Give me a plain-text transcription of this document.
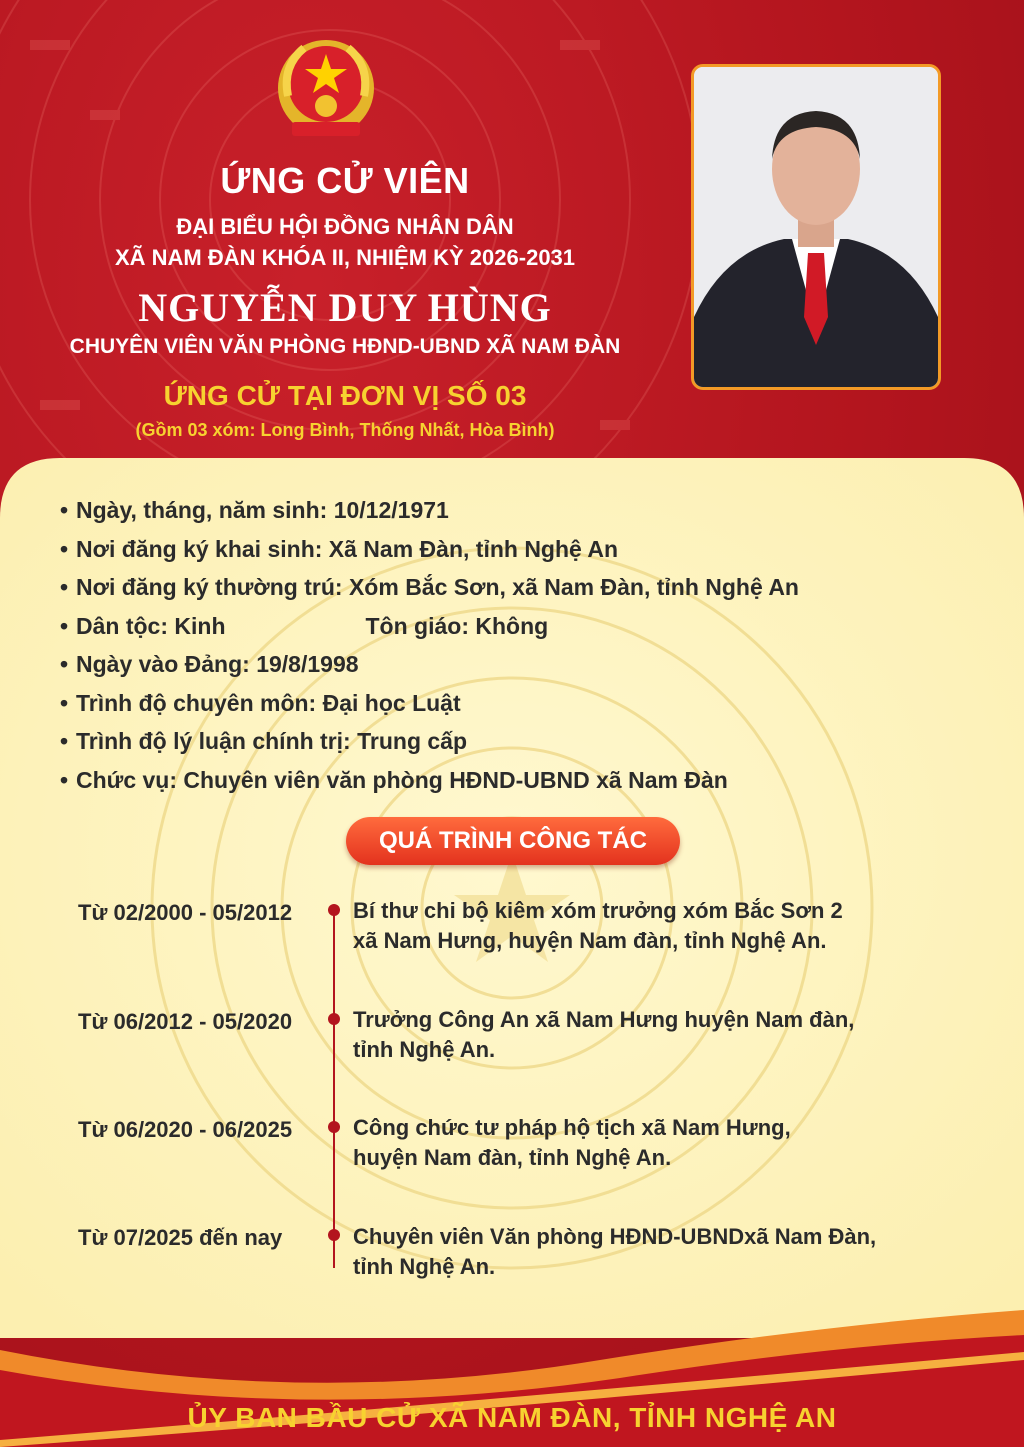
ỨNG CỬ VIÊN
ĐẠI BIỂU HỘI ĐỒNG NHÂN DÂN
XÃ NAM ĐÀN KHÓA II, NHIỆM KỲ 2026-2031
NGUYỄN DUY HÙNG
CHUYÊN VIÊN VĂN PHÒNG HĐND-UBND XÃ NAM ĐÀN
ỨNG CỬ TẠI ĐƠN VỊ SỐ 03
(Gồm 03 xóm: Long Bình, Thống Nhất, Hòa Bình)
• Ngày, tháng, năm sinh: 10/12/1971
• Nơi đăng ký khai sinh: Xã Nam Đàn, tỉnh Nghệ An
• Nơi đăng ký thường trú: Xóm Bắc Sơn, xã Nam Đàn, tỉnh Nghệ An
• Dân tộc: Kinh	Tôn giáo: Không
• Ngày vào Đảng: 19/8/1998
• Trình độ chuyên môn: Đại học Luật
• Trình độ lý luận chính trị: Trung cấp
• Chức vụ: Chuyên viên văn phòng HĐND-UBND xã Nam Đàn
QUÁ TRÌNH CÔNG TÁC
Từ 02/2000 - 05/2012	Bí thư chi bộ kiêm xóm trưởng xóm Bắc Sơn 2
xã Nam Hưng, huyện Nam đàn, tỉnh Nghệ An.
Từ 06/2012 - 05/2020	Trưởng Công An xã Nam Hưng huyện Nam đàn,
tỉnh Nghệ An.
Từ 06/2020 - 06/2025	Công chức tư pháp hộ tịch xã Nam Hưng,
huyện Nam đàn, tỉnh Nghệ An.
Từ 07/2025 đến nay	Chuyên viên Văn phòng HĐND-UBNDxã Nam Đàn,
tỉnh Nghệ An.
ỦY BAN BẦU CỬ XÃ NAM ĐÀN, TỈNH NGHỆ AN
